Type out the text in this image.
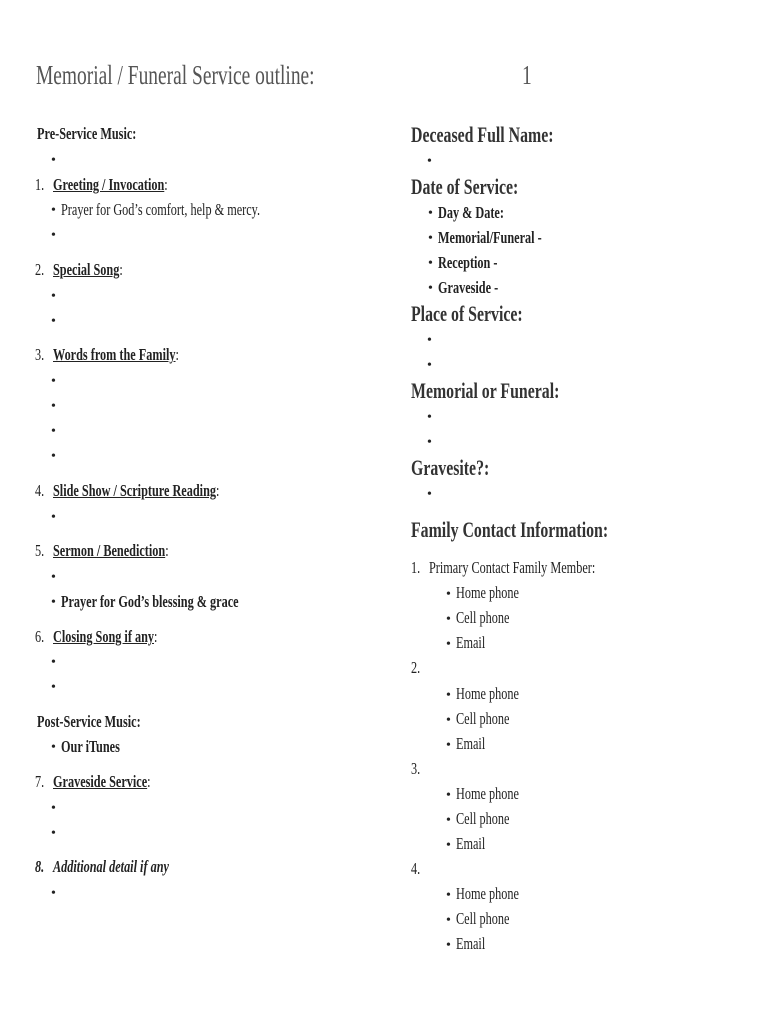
Memorial / Funeral Service outline:	1
Pre-Service Music:
•
1. Greeting / Invocation:
• Prayer for God’s comfort, help & mercy.
•
2. Special Song:
•
•
3. Words from the Family:
•
•
•
•
4. Slide Show / Scripture Reading:
•
5. Sermon / Benediction:
•
• Prayer for God’s blessing & grace
6. Closing Song if any:
•
•
Post-Service Music:
• Our iTunes
7. Graveside Service:
•
•
8. Additional detail if any
•
Deceased Full Name:
•
Date of Service:
• Day & Date:
• Memorial/Funeral -
• Reception -
• Graveside -
Place of Service:
•
•
Memorial or Funeral:
•
•
Gravesite?:
•
Family Contact Information:
1. Primary Contact Family Member:
• Home phone
• Cell phone
• Email
2.
• Home phone
• Cell phone
• Email
3.
• Home phone
• Cell phone
• Email
4.
• Home phone
• Cell phone
• Email
